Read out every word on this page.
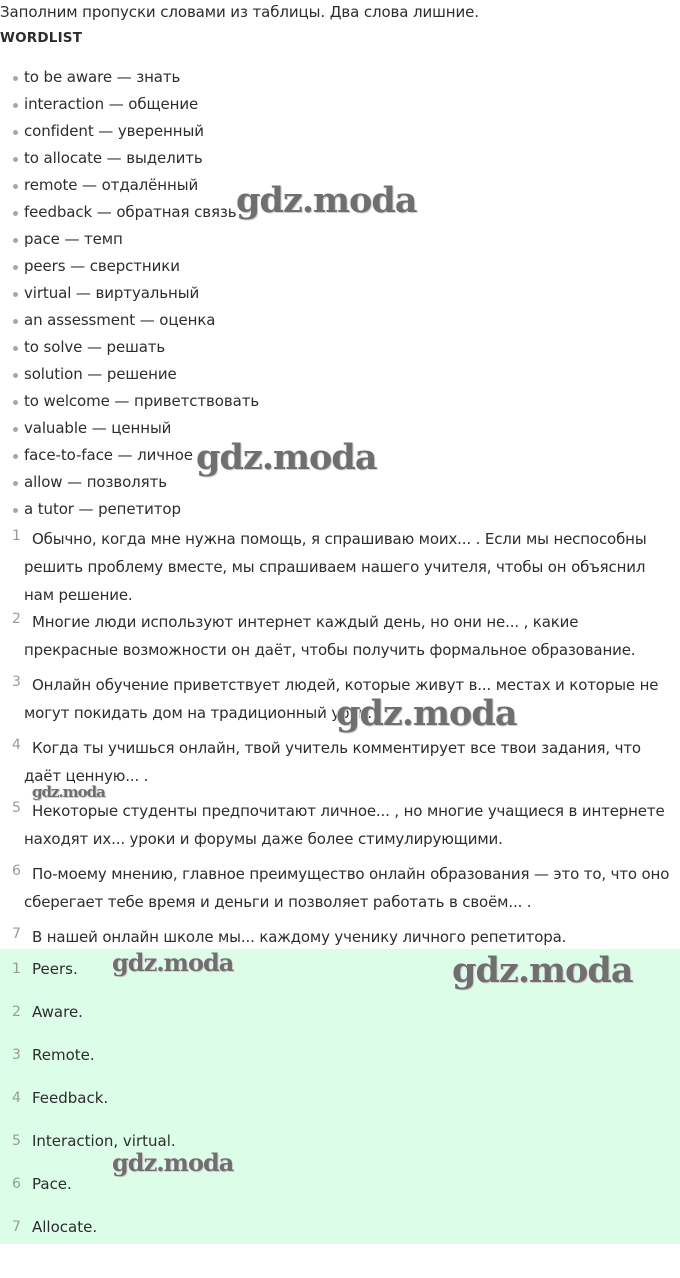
Заполним пропуски словами из таблицы. Два слова лишние.
WORDLIST
to be aware — знать
interaction — общение
confident — уверенный
to allocate — выделить
remote — отдалённый
feedback — обратная связь
pace — темп
peers — сверстники
virtual — виртуальный
an assessment — оценка
to solve — решать
solution — решение
to welcome — приветствовать
valuable — ценный
face-to-face — личное
allow — позволять
a tutor — репетитор
1 Обычно, когда мне нужна помощь, я спрашиваю моих... . Если мы неспособны решить проблему вместе, мы спрашиваем нашего учителя, чтобы он объяснил нам решение.
2 Многие люди используют интернет каждый день, но они не... , какие прекрасные возможности он даёт, чтобы получить формальное образование.
3 Онлайн обучение приветствует людей, которые живут в... местах и которые не могут покидать дом на традиционный урок.
4 Когда ты учишься онлайн, твой учитель комментирует все твои задания, что даёт ценную... .
5 Некоторые студенты предпочитают личное... , но многие учащиеся в интернете находят их... уроки и форумы даже более стимулирующими.
6 По-моему мнению, главное преимущество онлайн образования — это то, что оно сберегает тебе время и деньги и позволяет работать в своём... .
7 В нашей онлайн школе мы... каждому ученику личного репетитора.
1 Peers.
2 Aware.
3 Remote.
4 Feedback.
5 Interaction, virtual.
6 Pace.
7 Allocate.
gdz.moda
gdz.moda
gdz.moda
gdz.moda
gdz.moda	gdz.moda
gdz.moda
